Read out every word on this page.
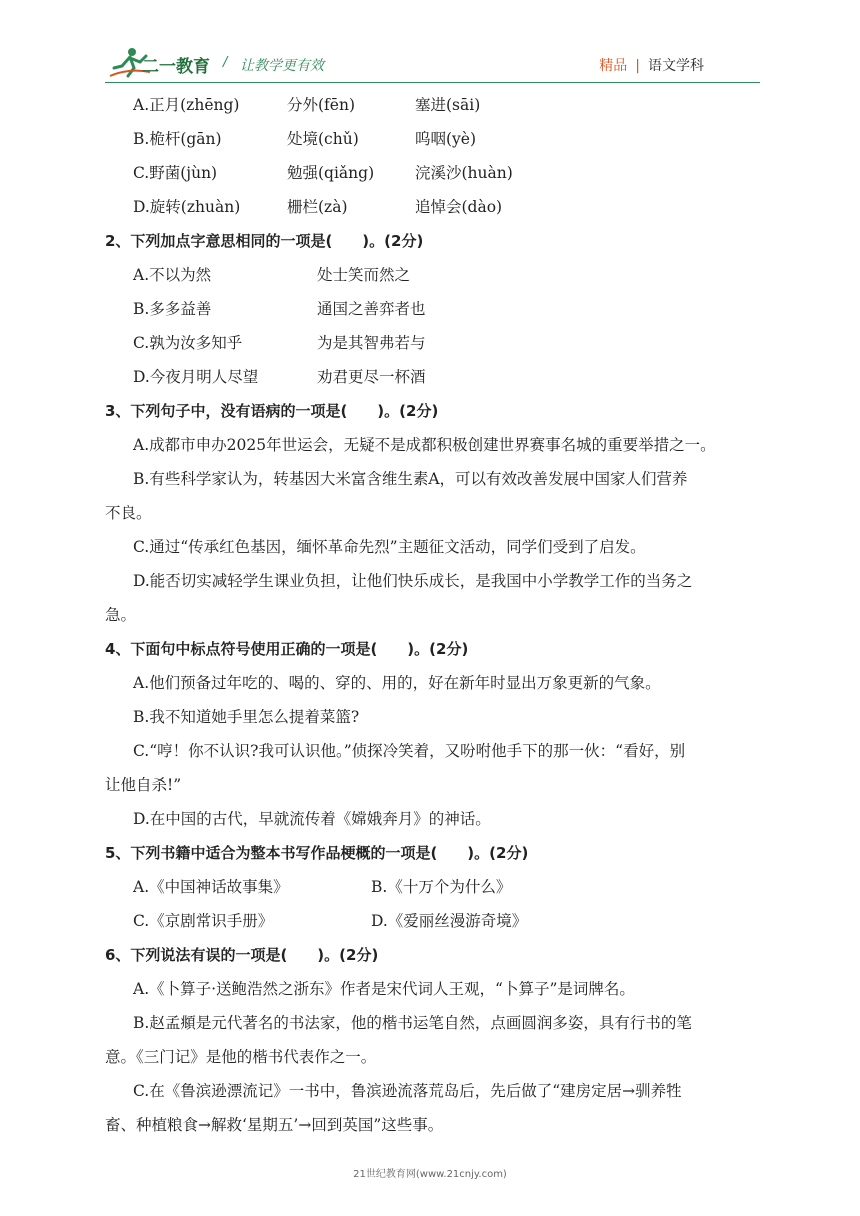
二一教育 / 让教学更有效	精品 | 语文学科
A.正月(zhēng)	分外(fēn)	塞进(sāi)
B.桅杆(gān)	处境(chǔ)	呜咽(yè)
C.野菌(jùn)	勉强(qiǎng)	浣溪沙(huàn)
D.旋转(zhuàn)	栅栏(zà)	追悼会(dào)
2、下列加点字意思相同的一项是(　　)。(2分)
A.不以为然	处士笑而然之
B.多多益善	通国之善弈者也
C.孰为汝多知乎	为是其智弗若与
D.今夜月明人尽望	劝君更尽一杯酒
3、下列句子中，没有语病的一项是(　　)。(2分)
A.成都市申办2025年世运会，无疑不是成都积极创建世界赛事名城的重要举措之一。
B.有些科学家认为，转基因大米富含维生素A，可以有效改善发展中国家人们营养
不良。
C.通过“传承红色基因，缅怀革命先烈”主题征文活动，同学们受到了启发。
D.能否切实减轻学生课业负担，让他们快乐成长，是我国中小学教学工作的当务之
急。
4、下面句中标点符号使用正确的一项是(　　)。(2分)
A.他们预备过年吃的、喝的、穿的、用的，好在新年时显出万象更新的气象。
B.我不知道她手里怎么提着菜篮?
C.“哼！你不认识?我可认识他。”侦探冷笑着，又吩咐他手下的那一伙：“看好，别
让他自杀!”
D.在中国的古代，早就流传着《嫦娥奔月》的神话。
5、下列书籍中适合为整本书写作品梗概的一项是(　　)。(2分)
A.《中国神话故事集》	B.《十万个为什么》
C.《京剧常识手册》	D.《爱丽丝漫游奇境》
6、下列说法有误的一项是(　　)。(2分)
A.《卜算子·送鲍浩然之浙东》作者是宋代词人王观，“卜算子”是词牌名。
B.赵孟頫是元代著名的书法家，他的楷书运笔自然，点画圆润多姿，具有行书的笔
意。《三门记》是他的楷书代表作之一。
C.在《鲁滨逊漂流记》一书中，鲁滨逊流落荒岛后，先后做了“建房定居→驯养牲
畜、种植粮食→解救‘星期五’→回到英国”这些事。
21世纪教育网(www.21cnjy.com)
